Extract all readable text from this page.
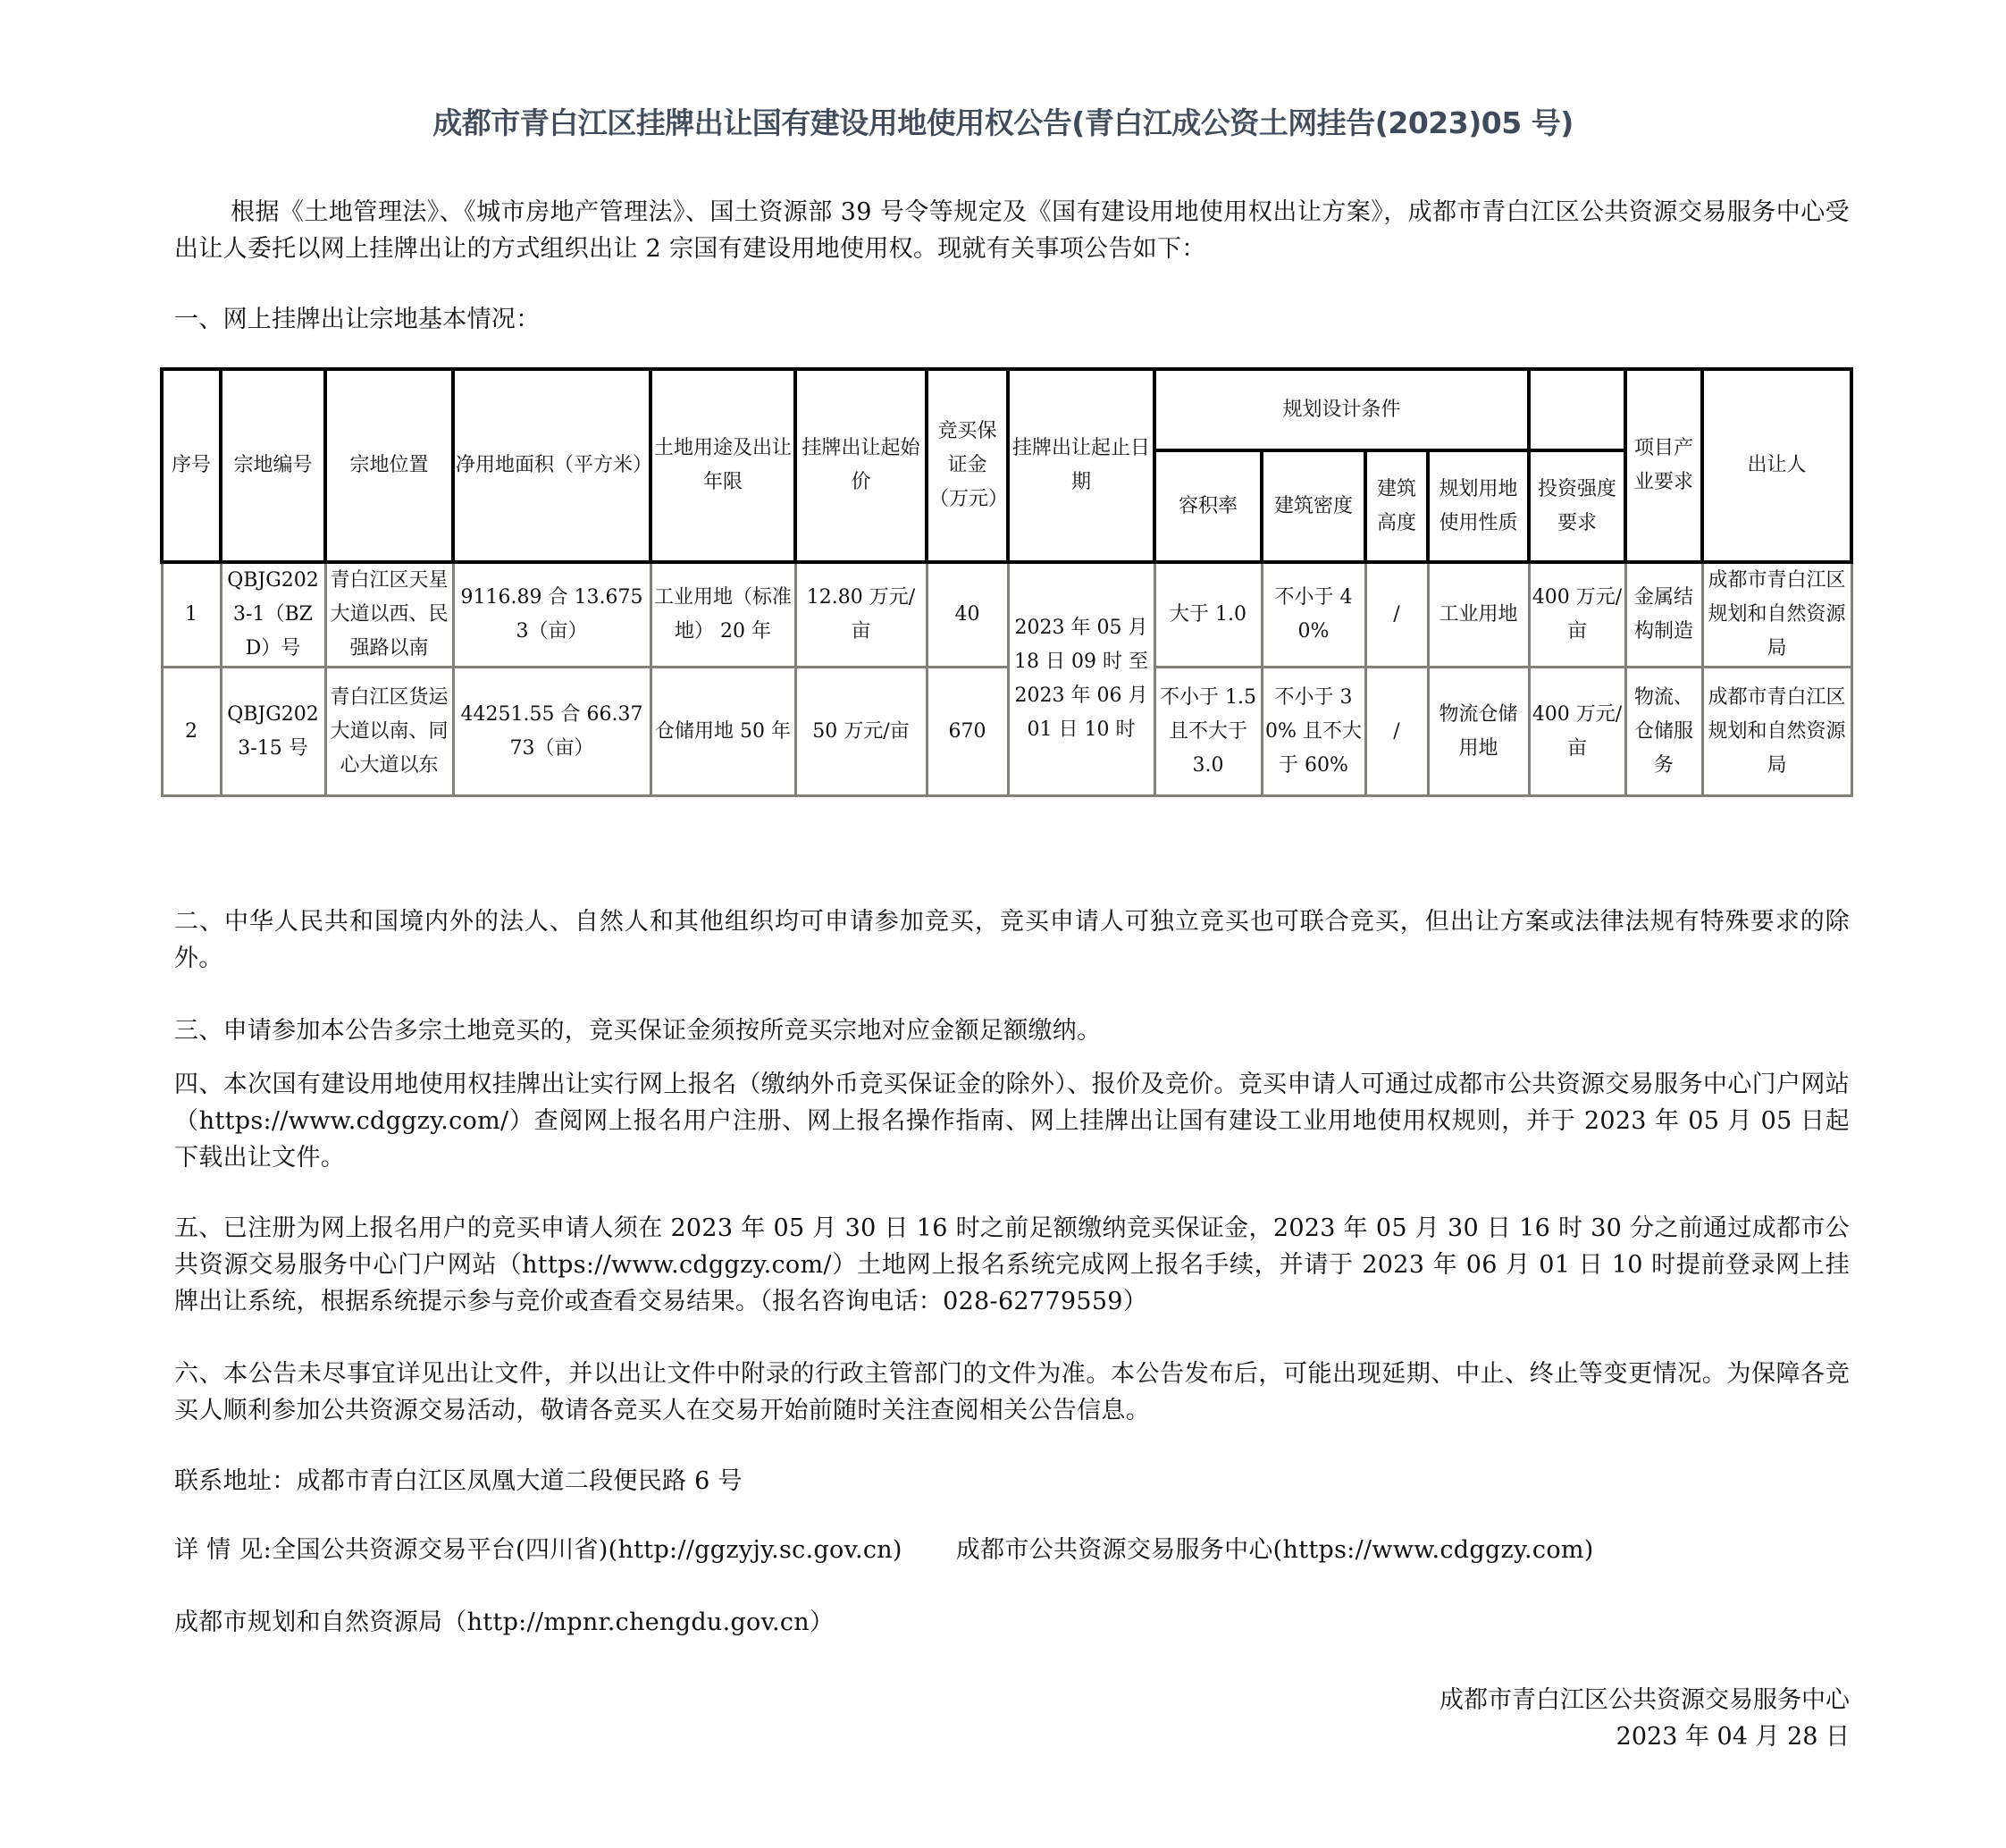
成都市青白江区挂牌出让国有建设用地使用权公告(青白江成公资土网挂告(2023)05 号)
根据《土地管理法》、《城市房地产管理法》、国土资源部 39 号令等规定及《国有建设用地使用权出让方案》，成都市青白江区公共资源交易服务中心受出让人委托以网上挂牌出让的方式组织出让 2 宗国有建设用地使用权。现就有关事项公告如下：
一、网上挂牌出让宗地基本情况：
序号	宗地编号	宗地位置	净用地面积（平方米）	土地用途及出让年限	挂牌出让起始价	竞买保证金（万元）	挂牌出让起止日期	规划设计条件					项目产业要求	出让人
								容积率	建筑密度	建筑高度	规划用地使用性质	投资强度要求		
1	QBJG2023-1（BZD）号	青白江区天星大道以西、民强路以南	9116.89 合 13.6753（亩）	工业用地（标准地） 20 年	12.80 万元/亩	40	2023 年 05 月 18 日 09 时 至 2023 年 06 月 01 日 10 时	大于 1.0	不小于 40%	/	工业用地	400 万元/亩	金属结构制造	成都市青白江区规划和自然资源局
2	QBJG2023-15 号	青白江区货运大道以南、同心大道以东	44251.55 合 66.3773（亩）	仓储用地 50 年	50 万元/亩	670		不小于 1.5 且不大于 3.0	不小于 30% 且不大于 60%	/	物流仓储用地	400 万元/亩	物流、仓储服务	成都市青白江区规划和自然资源局
二、中华人民共和国境内外的法人、自然人和其他组织均可申请参加竞买，竞买申请人可独立竞买也可联合竞买，但出让方案或法律法规有特殊要求的除外。
三、申请参加本公告多宗土地竞买的，竞买保证金须按所竞买宗地对应金额足额缴纳。
四、本次国有建设用地使用权挂牌出让实行网上报名（缴纳外币竞买保证金的除外）、报价及竞价。竞买申请人可通过成都市公共资源交易服务中心门户网站（https://www.cdggzy.com/）查阅网上报名用户注册、网上报名操作指南、网上挂牌出让国有建设工业用地使用权规则，并于 2023 年 05 月 05 日起下载出让文件。
五、已注册为网上报名用户的竞买申请人须在 2023 年 05 月 30 日 16 时之前足额缴纳竞买保证金，2023 年 05 月 30 日 16 时 30 分之前通过成都市公共资源交易服务中心门户网站（https://www.cdggzy.com/）土地网上报名系统完成网上报名手续，并请于 2023 年 06 月 01 日 10 时提前登录网上挂牌出让系统，根据系统提示参与竞价或查看交易结果。（报名咨询电话：028-62779559）
六、本公告未尽事宜详见出让文件，并以出让文件中附录的行政主管部门的文件为准。本公告发布后，可能出现延期、中止、终止等变更情况。为保障各竞买人顺利参加公共资源交易活动，敬请各竞买人在交易开始前随时关注查阅相关公告信息。
联系地址：成都市青白江区凤凰大道二段便民路 6 号
详 情 见:全国公共资源交易平台(四川省)(http://ggzyjy.sc.gov.cn) 成都市公共资源交易服务中心(https://www.cdggzy.com)
成都市规划和自然资源局（http://mpnr.chengdu.gov.cn）
成都市青白江区公共资源交易服务中心
2023 年 04 月 28 日
